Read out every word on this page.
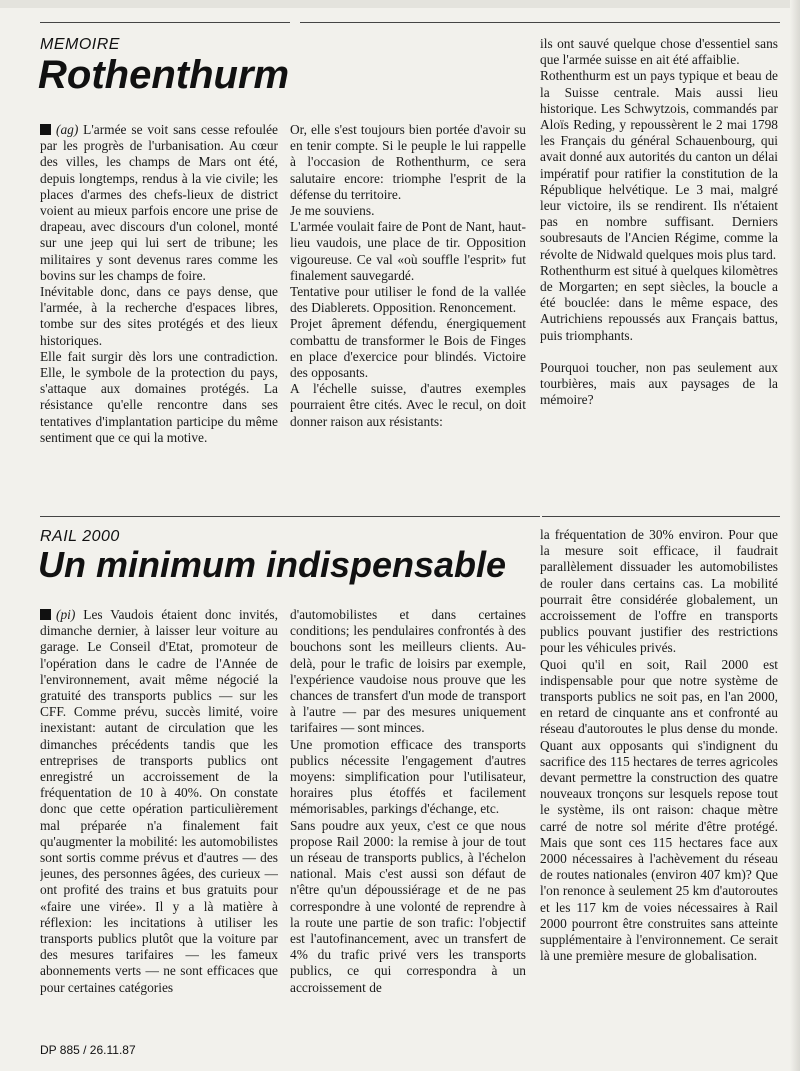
MEMOIRE
Rothenthurm

(ag) L'armée se voit sans cesse refoulée par les progrès de l'urbanisation. Au cœur des villes, les champs de Mars ont été, depuis longtemps, rendus à la vie civile; les places d'armes des chefs-lieux de district voient au mieux parfois encore une prise de drapeau, avec discours d'un colonel, monté sur une jeep qui lui sert de tribune; les militaires y sont devenus rares comme les bovins sur les champs de foire.

Inévitable donc, dans ce pays dense, que l'armée, à la recherche d'espaces libres, tombe sur des sites protégés et des lieux historiques.

Elle fait surgir dès lors une contradiction. Elle, le symbole de la protection du pays, s'attaque aux domaines protégés. La résistance qu'elle rencontre dans ses tentatives d'implantation participe du même sentiment que ce qui la motive.

Or, elle s'est toujours bien portée d'avoir su en tenir compte. Si le peuple le lui rappelle à l'occasion de Rothenthurm, ce sera salutaire encore: triomphe l'esprit de la défense du territoire.

Je me souviens.

L'armée voulait faire de Pont de Nant, haut-lieu vaudois, une place de tir. Opposition vigoureuse. Ce val «où souffle l'esprit» fut finalement sauvegardé.

Tentative pour utiliser le fond de la vallée des Diablerets. Opposition. Renoncement.

Projet âprement défendu, énergiquement combattu de transformer le Bois de Finges en place d'exercice pour blindés. Victoire des opposants.

A l'échelle suisse, d'autres exemples pourraient être cités. Avec le recul, on doit donner raison aux résistants:

ils ont sauvé quelque chose d'essentiel sans que l'armée suisse en ait été affaiblie.

Rothenthurm est un pays typique et beau de la Suisse centrale. Mais aussi lieu historique. Les Schwytzois, commandés par Aloïs Reding, y repoussèrent le 2 mai 1798 les Français du général Schauenbourg, qui avait donné aux autorités du canton un délai impératif pour ratifier la constitution de la République helvétique. Le 3 mai, malgré leur victoire, ils se rendirent. Ils n'étaient pas en nombre suffisant. Derniers soubresauts de l'Ancien Régime, comme la révolte de Nidwald quelques mois plus tard.

Rothenthurm est situé à quelques kilomètres de Morgarten; en sept siècles, la boucle a été bouclée: dans le même espace, des Autrichiens repoussés aux Français battus, puis triomphants.

Pourquoi toucher, non pas seulement aux tourbières, mais aux paysages de la mémoire?

RAIL 2000
Un minimum indispensable

(pi) Les Vaudois étaient donc invités, dimanche dernier, à laisser leur voiture au garage. Le Conseil d'Etat, promoteur de l'opération dans le cadre de l'Année de l'environnement, avait même négocié la gratuité des transports publics — sur les CFF. Comme prévu, succès limité, voire inexistant: autant de circulation que les dimanches précédents tandis que les entreprises de transports publics ont enregistré un accroissement de la fréquentation de 10 à 40%. On constate donc que cette opération particulièrement mal préparée n'a finalement fait qu'augmenter la mobilité: les automobilistes sont sortis comme prévus et d'autres — des jeunes, des personnes âgées, des curieux — ont profité des trains et bus gratuits pour «faire une virée». Il y a là matière à réflexion: les incitations à utiliser les transports publics plutôt que la voiture par des mesures tarifaires — les fameux abonnements verts — ne sont efficaces que pour certaines catégories

d'automobilistes et dans certaines conditions; les pendulaires confrontés à des bouchons sont les meilleurs clients. Au-delà, pour le trafic de loisirs par exemple, l'expérience vaudoise nous prouve que les chances de transfert d'un mode de transport à l'autre — par des mesures uniquement tarifaires — sont minces.

Une promotion efficace des transports publics nécessite l'engagement d'autres moyens: simplification pour l'utilisateur, horaires plus étoffés et facilement mémorisables, parkings d'échange, etc.

Sans poudre aux yeux, c'est ce que nous propose Rail 2000: la remise à jour de tout un réseau de transports publics, à l'échelon national. Mais c'est aussi son défaut de n'être qu'un dépoussiérage et de ne pas correspondre à une volonté de reprendre à la route une partie de son trafic: l'objectif est l'autofinancement, avec un transfert de 4% du trafic privé vers les transports publics, ce qui correspondra à un accroissement de

la fréquentation de 30% environ. Pour que la mesure soit efficace, il faudrait parallèlement dissuader les automobilistes de rouler dans certains cas. La mobilité pourrait être considérée globalement, un accroissement de l'offre en transports publics pouvant justifier des restrictions pour les véhicules privés.

Quoi qu'il en soit, Rail 2000 est indispensable pour que notre système de transports publics ne soit pas, en l'an 2000, en retard de cinquante ans et confronté au réseau d'autoroutes le plus dense du monde. Quant aux opposants qui s'indignent du sacrifice des 115 hectares de terres agricoles devant permettre la construction des quatre nouveaux tronçons sur lesquels repose tout le système, ils ont raison: chaque mètre carré de notre sol mérite d'être protégé. Mais que sont ces 115 hectares face aux 2000 nécessaires à l'achèvement du réseau de routes nationales (environ 407 km)? Que l'on renonce à seulement 25 km d'autoroutes et les 117 km de voies nécessaires à Rail 2000 pourront être construites sans atteinte supplémentaire à l'environnement. Ce serait là une première mesure de globalisation.

DP 885 / 26.11.87
